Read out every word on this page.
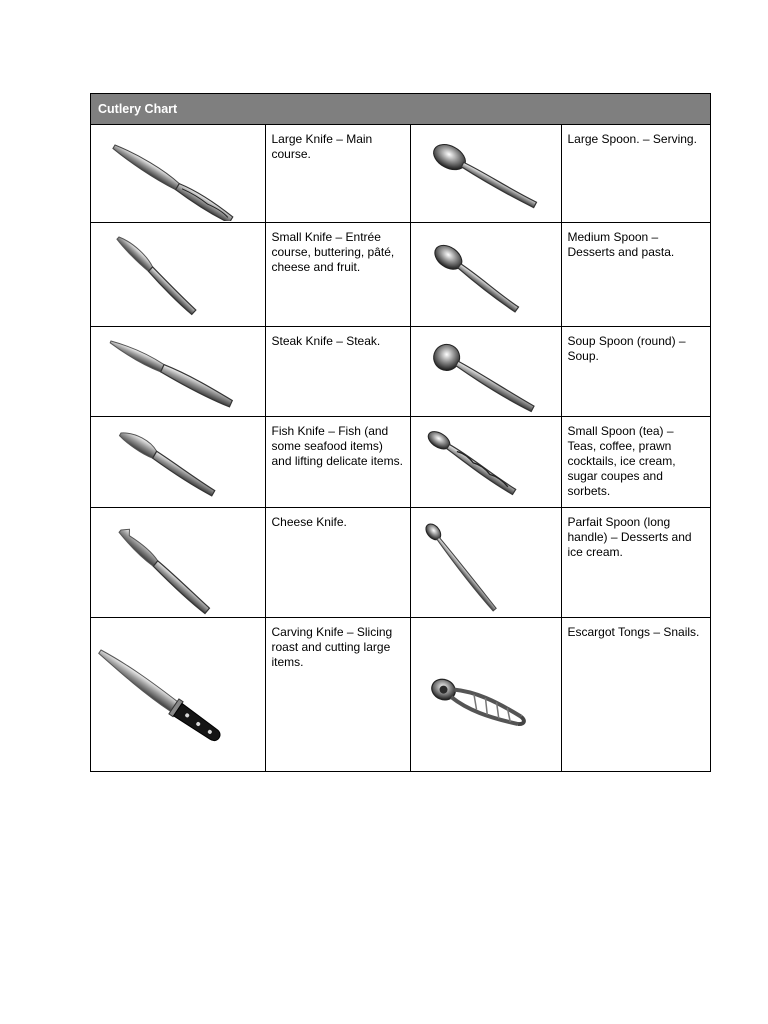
Cutlery Chart
	Large Knife – Main course.		Large Spoon. – Serving.

	Small Knife – Entrée course, buttering, pâté, cheese and fruit.		Medium Spoon – Desserts and pasta.

	Steak Knife – Steak.		Soup Spoon (round) – Soup.

	Fish Knife – Fish (and some seafood items) and lifting delicate items.		Small Spoon (tea) – Teas, coffee, prawn cocktails, ice cream, sugar coupes and sorbets.

	Cheese Knife.		Parfait Spoon (long handle) – Desserts and ice cream.

	Carving Knife – Slicing roast and cutting large items.		Escargot Tongs – Snails.
